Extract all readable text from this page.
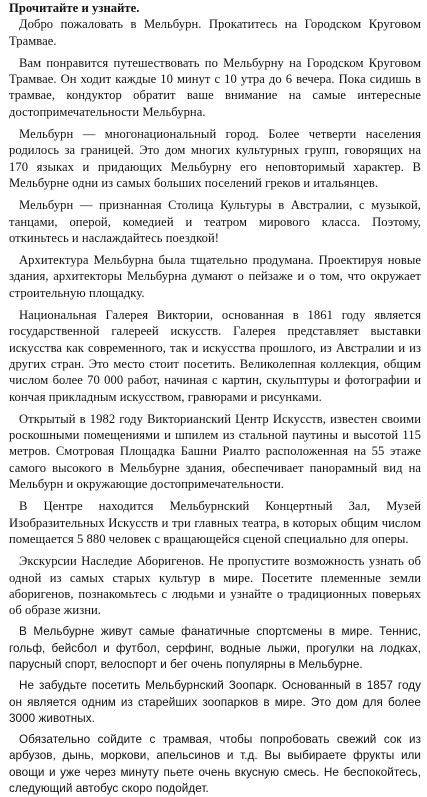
Прочитайте и узнайте.

Добро пожаловать в Мельбурн. Прокатитесь на Городском Круговом Трамвае.

Вам понравится путешествовать по Мельбурну на Городском Круговом Трамвае. Он ходит каждые 10 минут с 10 утра до 6 вечера. Пока сидишь в трамвае, кондуктор обратит ваше внимание на самые интересные достопримечательности Мельбурна.

Мельбурн — многонациональный город. Более четверти населения родилось за границей. Это дом многих культурных групп, говорящих на 170 языках и придающих Мельбурну его неповторимый характер. В Мельбурне одни из самых больших поселений греков и итальянцев.

Мельбурн — признанная Столица Культуры в Австралии, с музыкой, танцами, оперой, комедией и театром мирового класса. Поэтому, откиньтесь и наслаждайтесь поездкой!

Архитектура Мельбурна была тщательно продумана. Проектируя новые здания, архитекторы Мельбурна думают о пейзаже и о том, что окружает строительную площадку.

Национальная Галерея Виктории, основанная в 1861 году является государственной галереей искусств. Галерея представляет выставки искусства как современного, так и искусства прошлого, из Австралии и из других стран. Это место стоит посетить. Великолепная коллекция, общим числом более 70 000 работ, начиная с картин, скульптуры и фотографии и кончая прикладным искусством, гравюрами и рисунками.

Открытый в 1982 году Викторианский Центр Искусств, известен своими роскошными помещениями и шпилем из стальной паутины и высотой 115 метров. Смотровая Площадка Башни Риалто расположенная на 55 этаже самого высокого в Мельбурне здания, обеспечивает панорамный вид на Мельбурн и окружающие достопримечательности.

В Центре находится Мельбурнский Концертный Зал, Музей Изобразительных Искусств и три главных театра, в которых общим числом помещается 5 880 человек с вращающейся сценой специально для оперы.

Экскурсии Наследие Аборигенов. Не пропустите возможность узнать об одной из самых старых культур в мире. Посетите племенные земли аборигенов, познакомьтесь с людьми и узнайте о традиционных поверьях об образе жизни.

В Мельбурне живут самые фанатичные спортсмены в мире. Теннис, гольф, бейсбол и футбол, серфинг, водные лыжи, прогулки на лодках, парусный спорт, велоспорт и бег очень популярны в Мельбурне.

Не забудьте посетить Мельбурнский Зоопарк. Основанный в 1857 году он является одним из старейших зоопарков в мире. Это дом для более 3000 животных.

Обязательно сойдите с трамвая, чтобы попробовать свежий сок из арбузов, дынь, моркови, апельсинов и т.д. Вы выбираете фрукты или овощи и уже через минуту пьете очень вкусную смесь. Не беспокойтесь, следующий автобус скоро подойдет.
